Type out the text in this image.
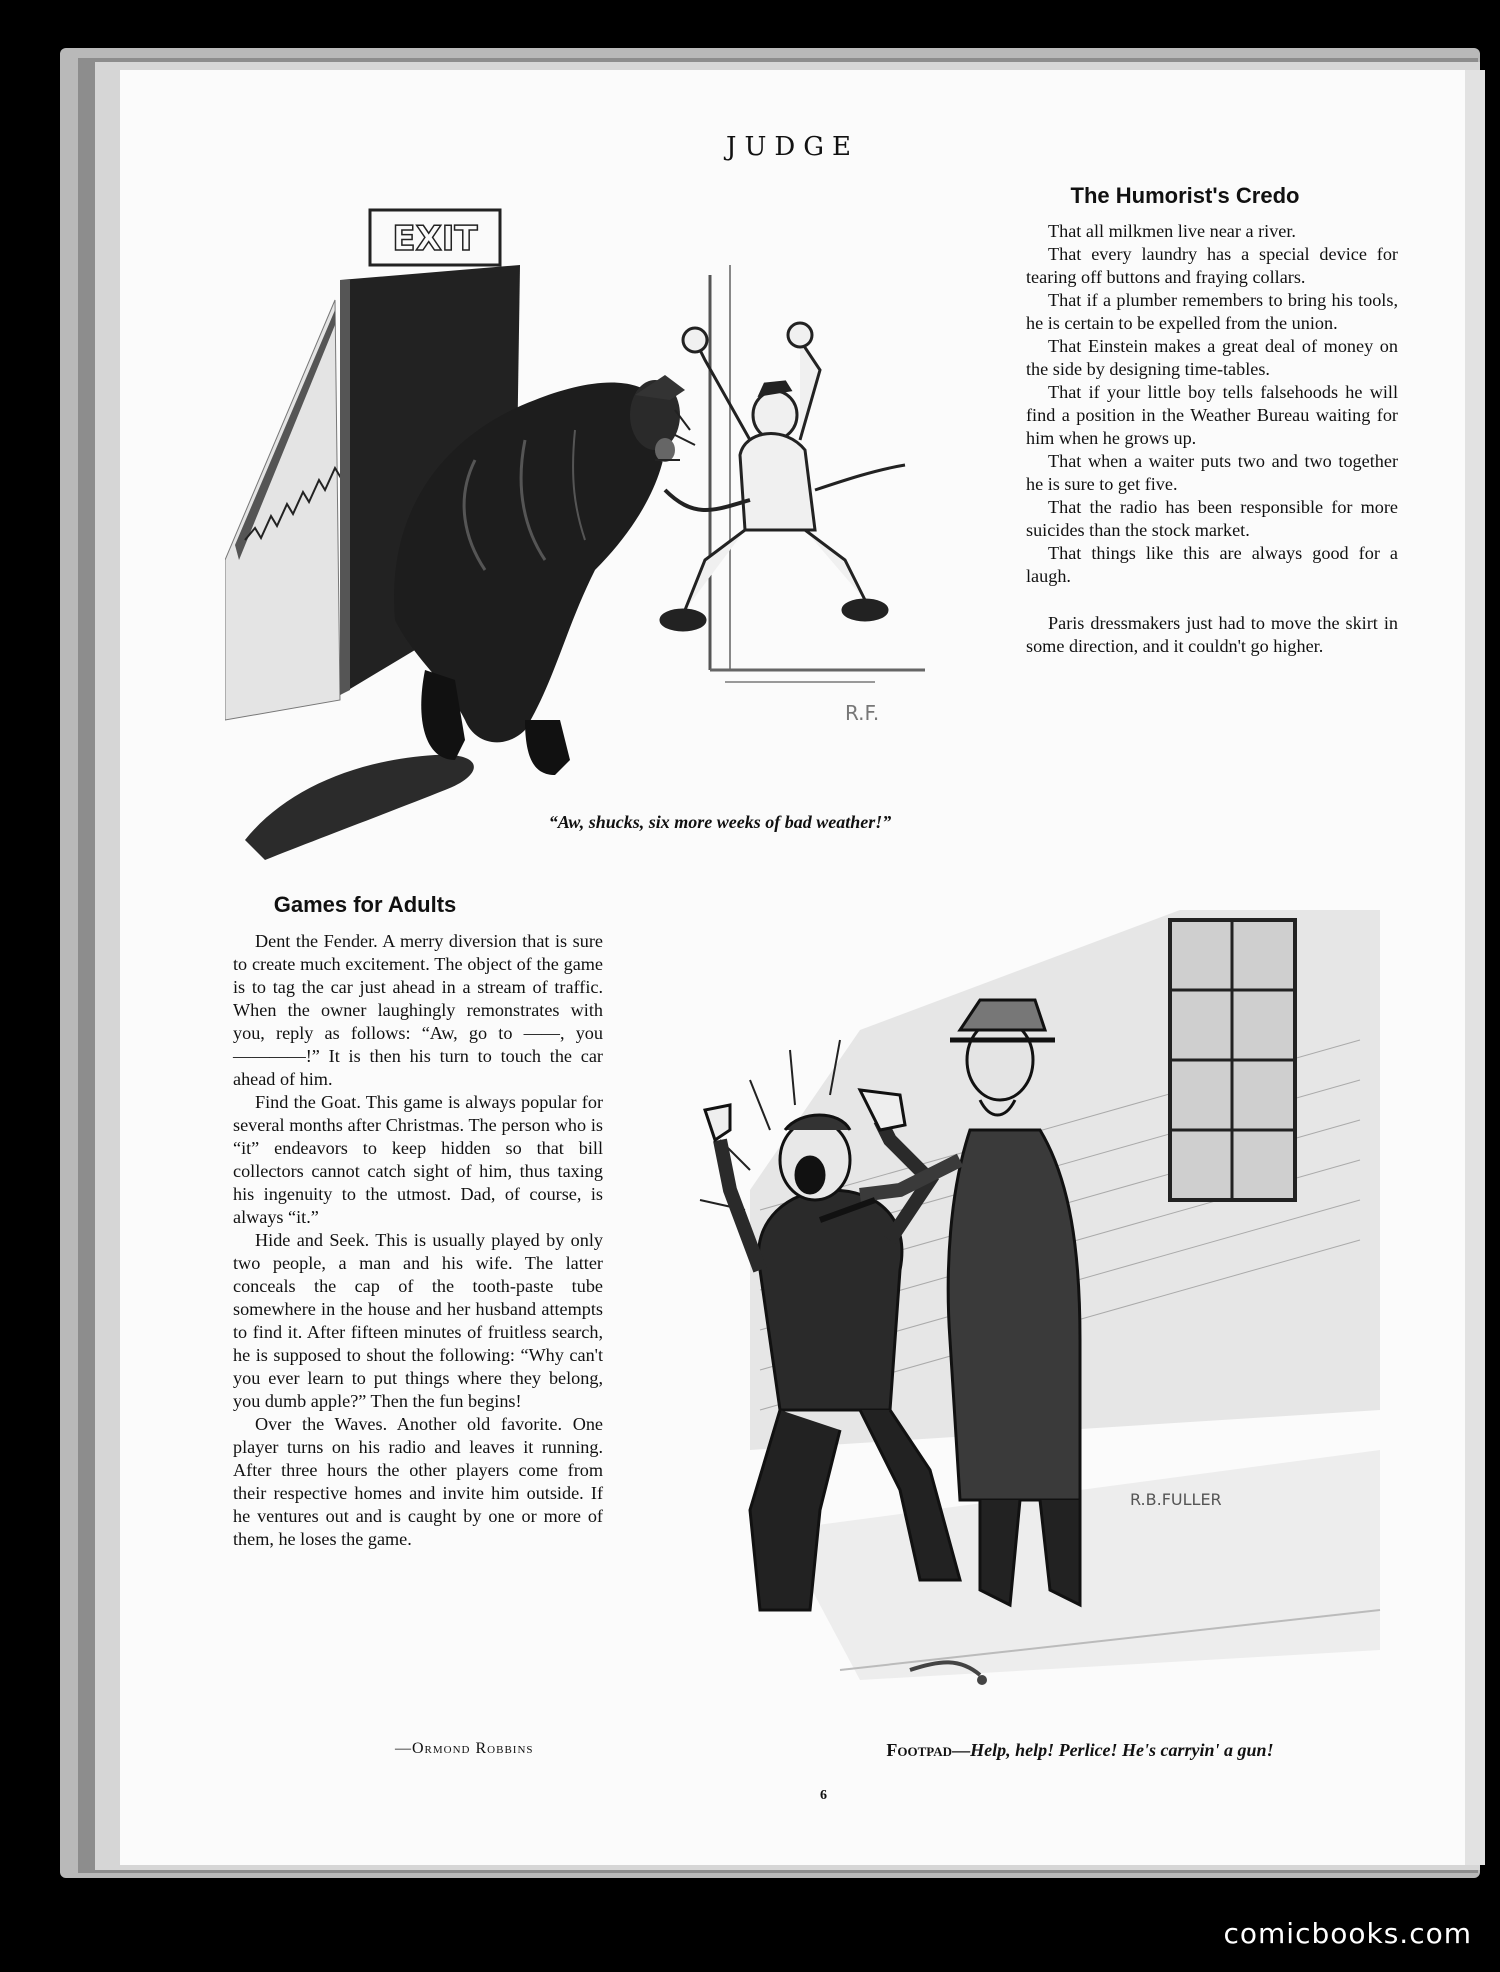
JUDGE
EXIT
R.F.
“Aw, shucks, six more weeks of bad weather!”
The Humorist's Credo

That all milkmen live near a river.

That every laundry has a special device for tearing off buttons and fraying collars.

That if a plumber remembers to bring his tools, he is certain to be expelled from the union.

That Einstein makes a great deal of money on the side by designing time-tables.

That if your little boy tells falsehoods he will find a position in the Weather Bureau waiting for him when he grows up.

That when a waiter puts two and two together he is sure to get five.

That the radio has been responsible for more suicides than the stock market.

That things like this are always good for a laugh.

Paris dressmakers just had to move the skirt in some direction, and it couldn't go higher.

Games for Adults

Dent the Fender. A merry diversion that is sure to create much excitement. The object of the game is to tag the car just ahead in a stream of traffic. When the owner laughingly remonstrates with you, reply as follows: “Aw, go to ——, you ————!” It is then his turn to touch the car ahead of him.

Find the Goat. This game is always popular for several months after Christmas. The person who is “it” endeavors to keep hidden so that bill collectors cannot catch sight of him, thus taxing his ingenuity to the utmost. Dad, of course, is always “it.”

Hide and Seek. This is usually played by only two people, a man and his wife. The latter conceals the cap of the tooth-paste tube somewhere in the house and her husband attempts to find it. After fifteen minutes of fruitless search, he is supposed to shout the following: “Why can't you ever learn to put things where they belong, you dumb apple?” Then the fun begins!

Over the Waves. Another old favorite. One player turns on his radio and leaves it running. After three hours the other players come from their respective homes and invite him outside. If he ventures out and is caught by one or more of them, he loses the game.

—Ormond Robbins
R.B.FULLER
Footpad—Help, help! Perlice! He's carryin' a gun!
6
comicbooks.com
